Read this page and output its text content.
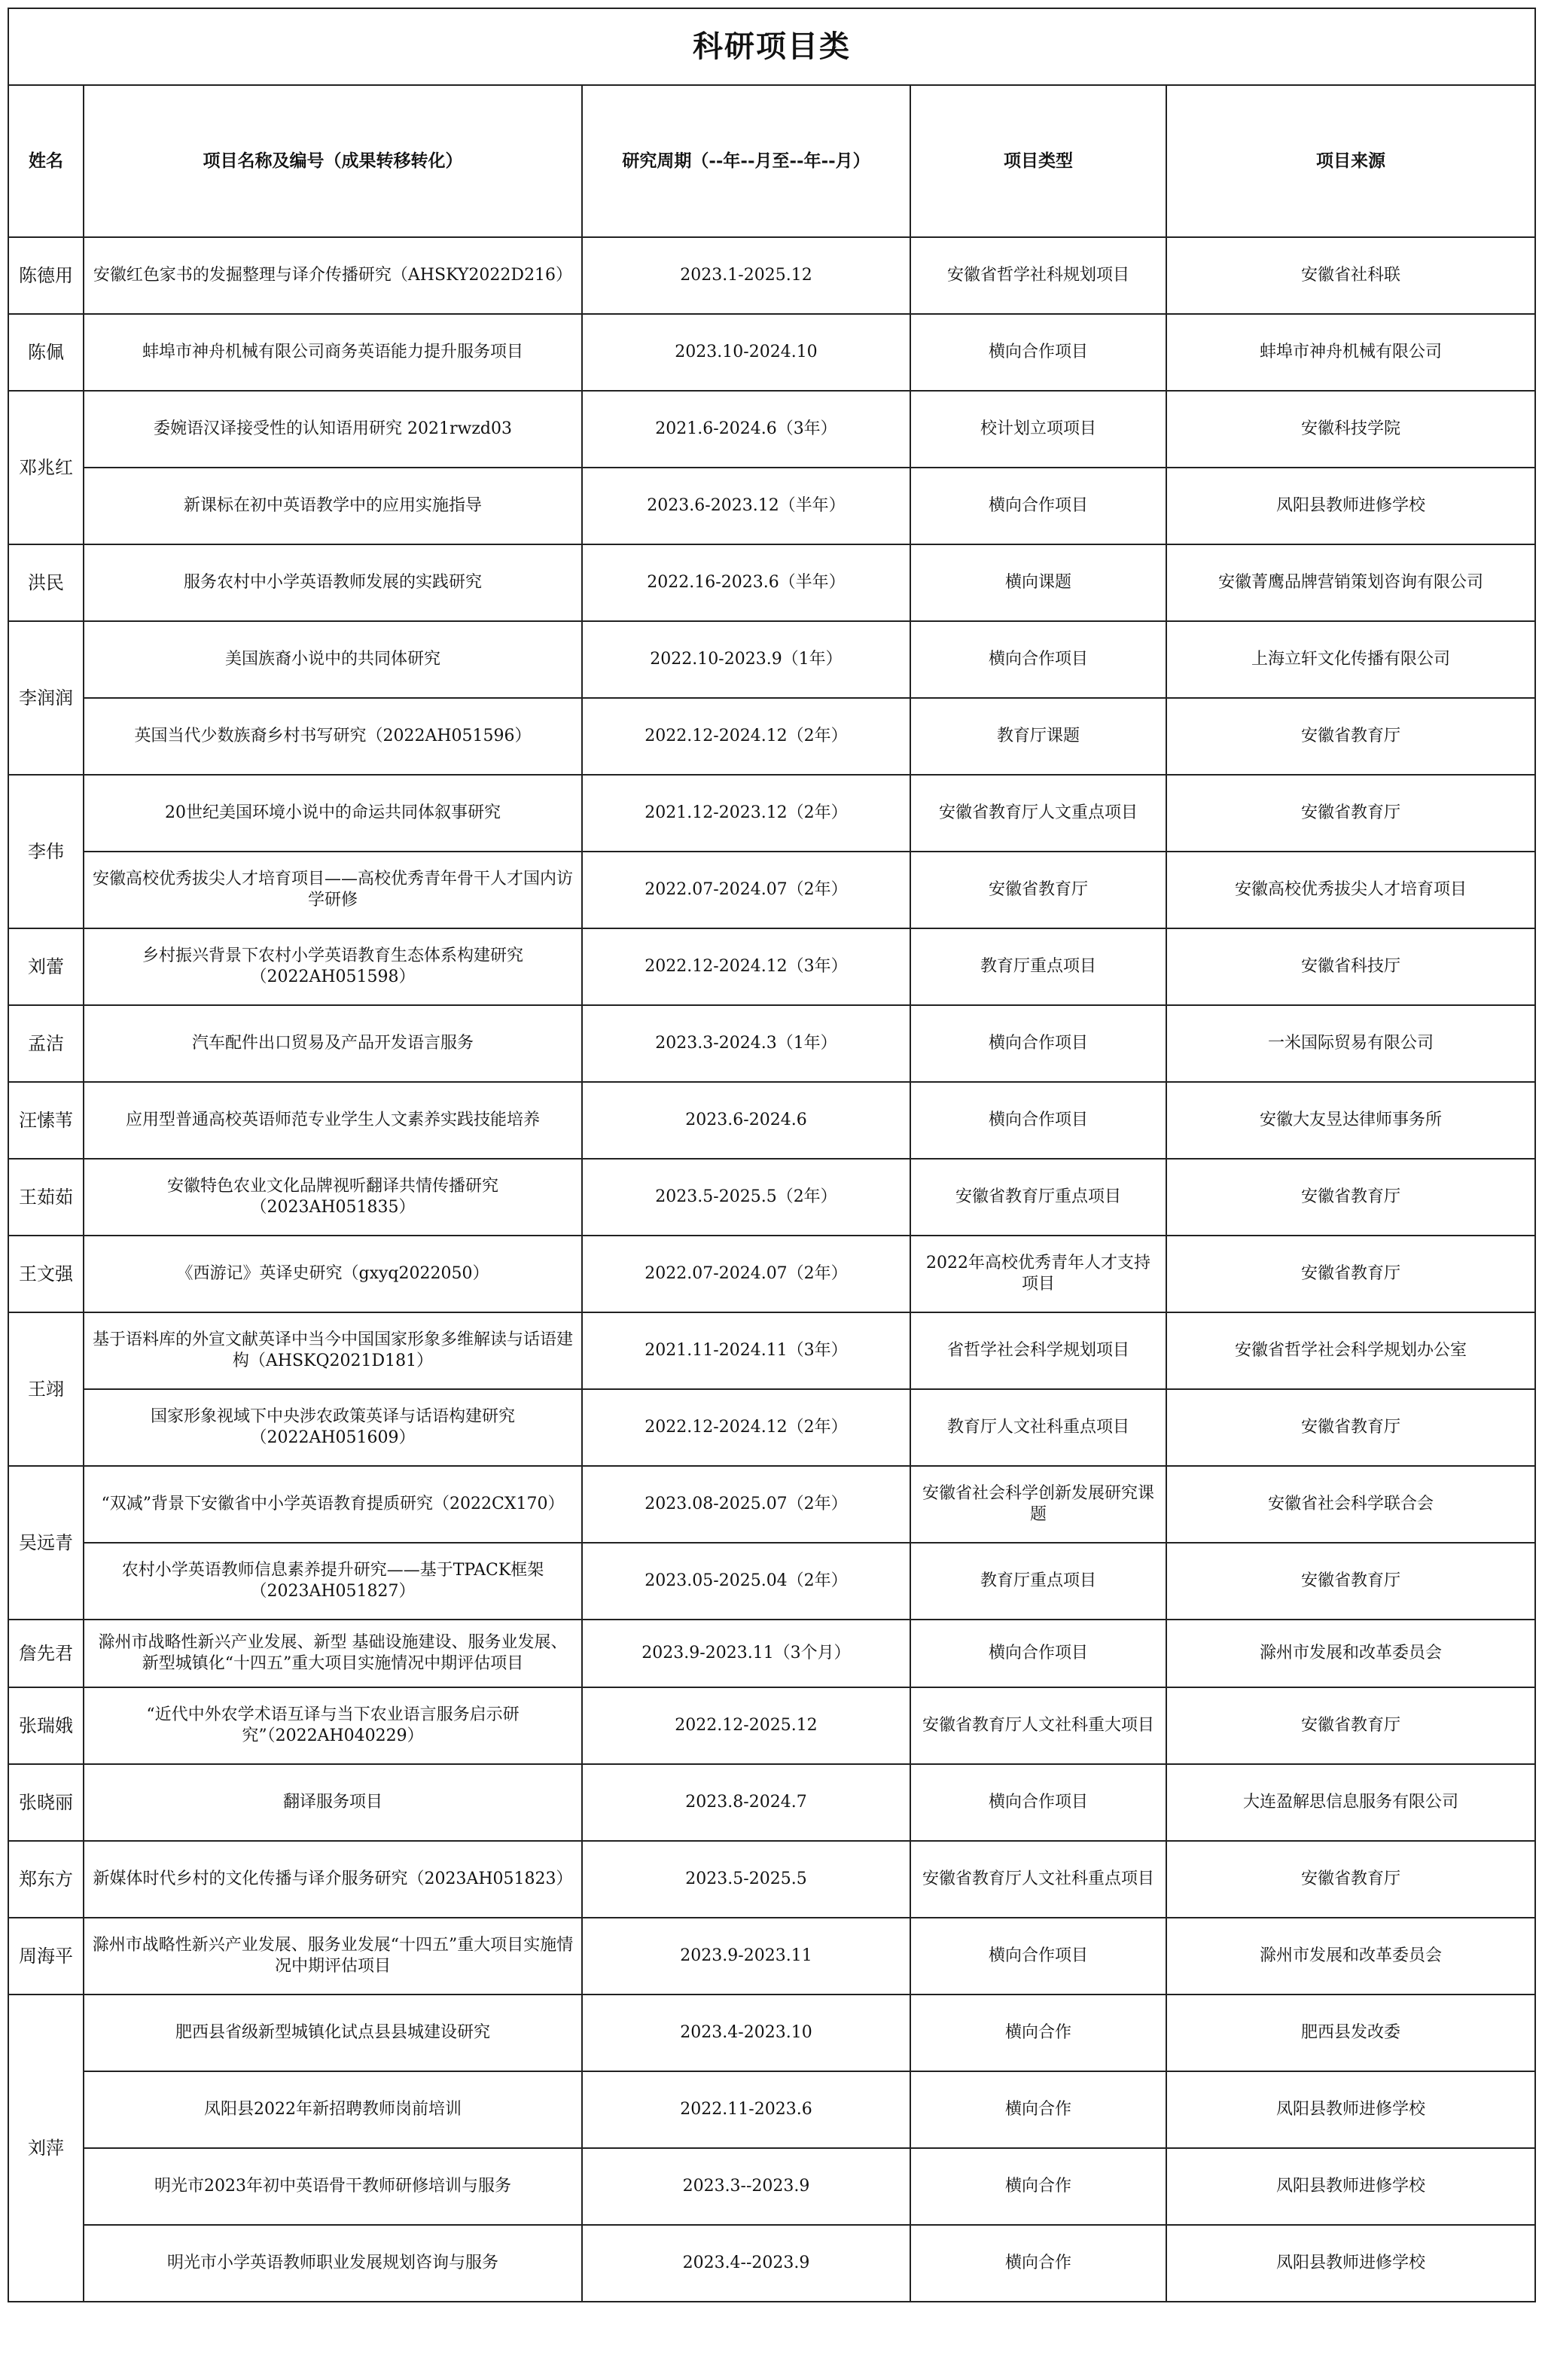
科研项目类				
姓名	项目名称及编号（成果转移转化）	研究周期（--年--月至--年--月）	项目类型	项目来源
陈德用	安徽红色家书的发掘整理与译介传播研究（AHSKY2022D216）	2023.1-2025.12	安徽省哲学社科规划项目	安徽省社科联
陈佩	蚌埠市神舟机械有限公司商务英语能力提升服务项目	2023.10-2024.10	横向合作项目	蚌埠市神舟机械有限公司
邓兆红	委婉语汉译接受性的认知语用研究 2021rwzd03	2021.6-2024.6（3年）	校计划立项项目	安徽科技学院
	新课标在初中英语教学中的应用实施指导	2023.6-2023.12（半年）	横向合作项目	凤阳县教师进修学校
洪民	服务农村中小学英语教师发展的实践研究	2022.16-2023.6（半年）	横向课题	安徽菁鹰品牌营销策划咨询有限公司
李润润	美国族裔小说中的共同体研究	2022.10-2023.9（1年）	横向合作项目	上海立轩文化传播有限公司
	英国当代少数族裔乡村书写研究（2022AH051596）	2022.12-2024.12（2年）	教育厅课题	安徽省教育厅
李伟	20世纪美国环境小说中的命运共同体叙事研究	2021.12-2023.12（2年）	安徽省教育厅人文重点项目	安徽省教育厅
	安徽高校优秀拔尖人才培育项目——高校优秀青年骨干人才国内访学研修	2022.07-2024.07（2年）	安徽省教育厅	安徽高校优秀拔尖人才培育项目
刘蕾	乡村振兴背景下农村小学英语教育生态体系构建研究（2022AH051598）	2022.12-2024.12（3年）	教育厅重点项目	安徽省科技厅
孟洁	汽车配件出口贸易及产品开发语言服务	2023.3-2024.3（1年）	横向合作项目	一米国际贸易有限公司
汪愫苇	应用型普通高校英语师范专业学生人文素养实践技能培养	2023.6-2024.6	横向合作项目	安徽大友昱达律师事务所
王茹茹	安徽特色农业文化品牌视听翻译共情传播研究（2023AH051835）	2023.5-2025.5（2年）	安徽省教育厅重点项目	安徽省教育厅
王文强	《西游记》英译史研究（gxyq2022050）	2022.07-2024.07（2年）	2022年高校优秀青年人才支持项目	安徽省教育厅
王翊	基于语料库的外宣文献英译中当今中国国家形象多维解读与话语建构（AHSKQ2021D181）	2021.11-2024.11（3年）	省哲学社会科学规划项目	安徽省哲学社会科学规划办公室
	国家形象视域下中央涉农政策英译与话语构建研究（2022AH051609）	2022.12-2024.12（2年）	教育厅人文社科重点项目	安徽省教育厅
吴远青	“双减”背景下安徽省中小学英语教育提质研究（2022CX170）	2023.08-2025.07（2年）	安徽省社会科学创新发展研究课题	安徽省社会科学联合会
	农村小学英语教师信息素养提升研究——基于TPACK框架（2023AH051827）	2023.05-2025.04（2年）	教育厅重点项目	安徽省教育厅
詹先君	滁州市战略性新兴产业发展、新型 基础设施建设、服务业发展、新型城镇化“十四五”重大项目实施情况中期评估项目	2023.9-2023.11（3个月）	横向合作项目	滁州市发展和改革委员会
张瑞娥	“近代中外农学术语互译与当下农业语言服务启示研究”（2022AH040229）	2022.12-2025.12	安徽省教育厅人文社科重大项目	安徽省教育厅
张晓丽	翻译服务项目	2023.8-2024.7	横向合作项目	大连盈解思信息服务有限公司
郑东方	新媒体时代乡村的文化传播与译介服务研究（2023AH051823）	2023.5-2025.5	安徽省教育厅人文社科重点项目	安徽省教育厅
周海平	滁州市战略性新兴产业发展、服务业发展“十四五”重大项目实施情况中期评估项目	2023.9-2023.11	横向合作项目	滁州市发展和改革委员会
刘萍	肥西县省级新型城镇化试点县县城建设研究	2023.4-2023.10	横向合作	肥西县发改委
	凤阳县2022年新招聘教师岗前培训	2022.11-2023.6	横向合作	凤阳县教师进修学校
	明光市2023年初中英语骨干教师研修培训与服务	2023.3--2023.9	横向合作	凤阳县教师进修学校
	明光市小学英语教师职业发展规划咨询与服务	2023.4--2023.9	横向合作	凤阳县教师进修学校
